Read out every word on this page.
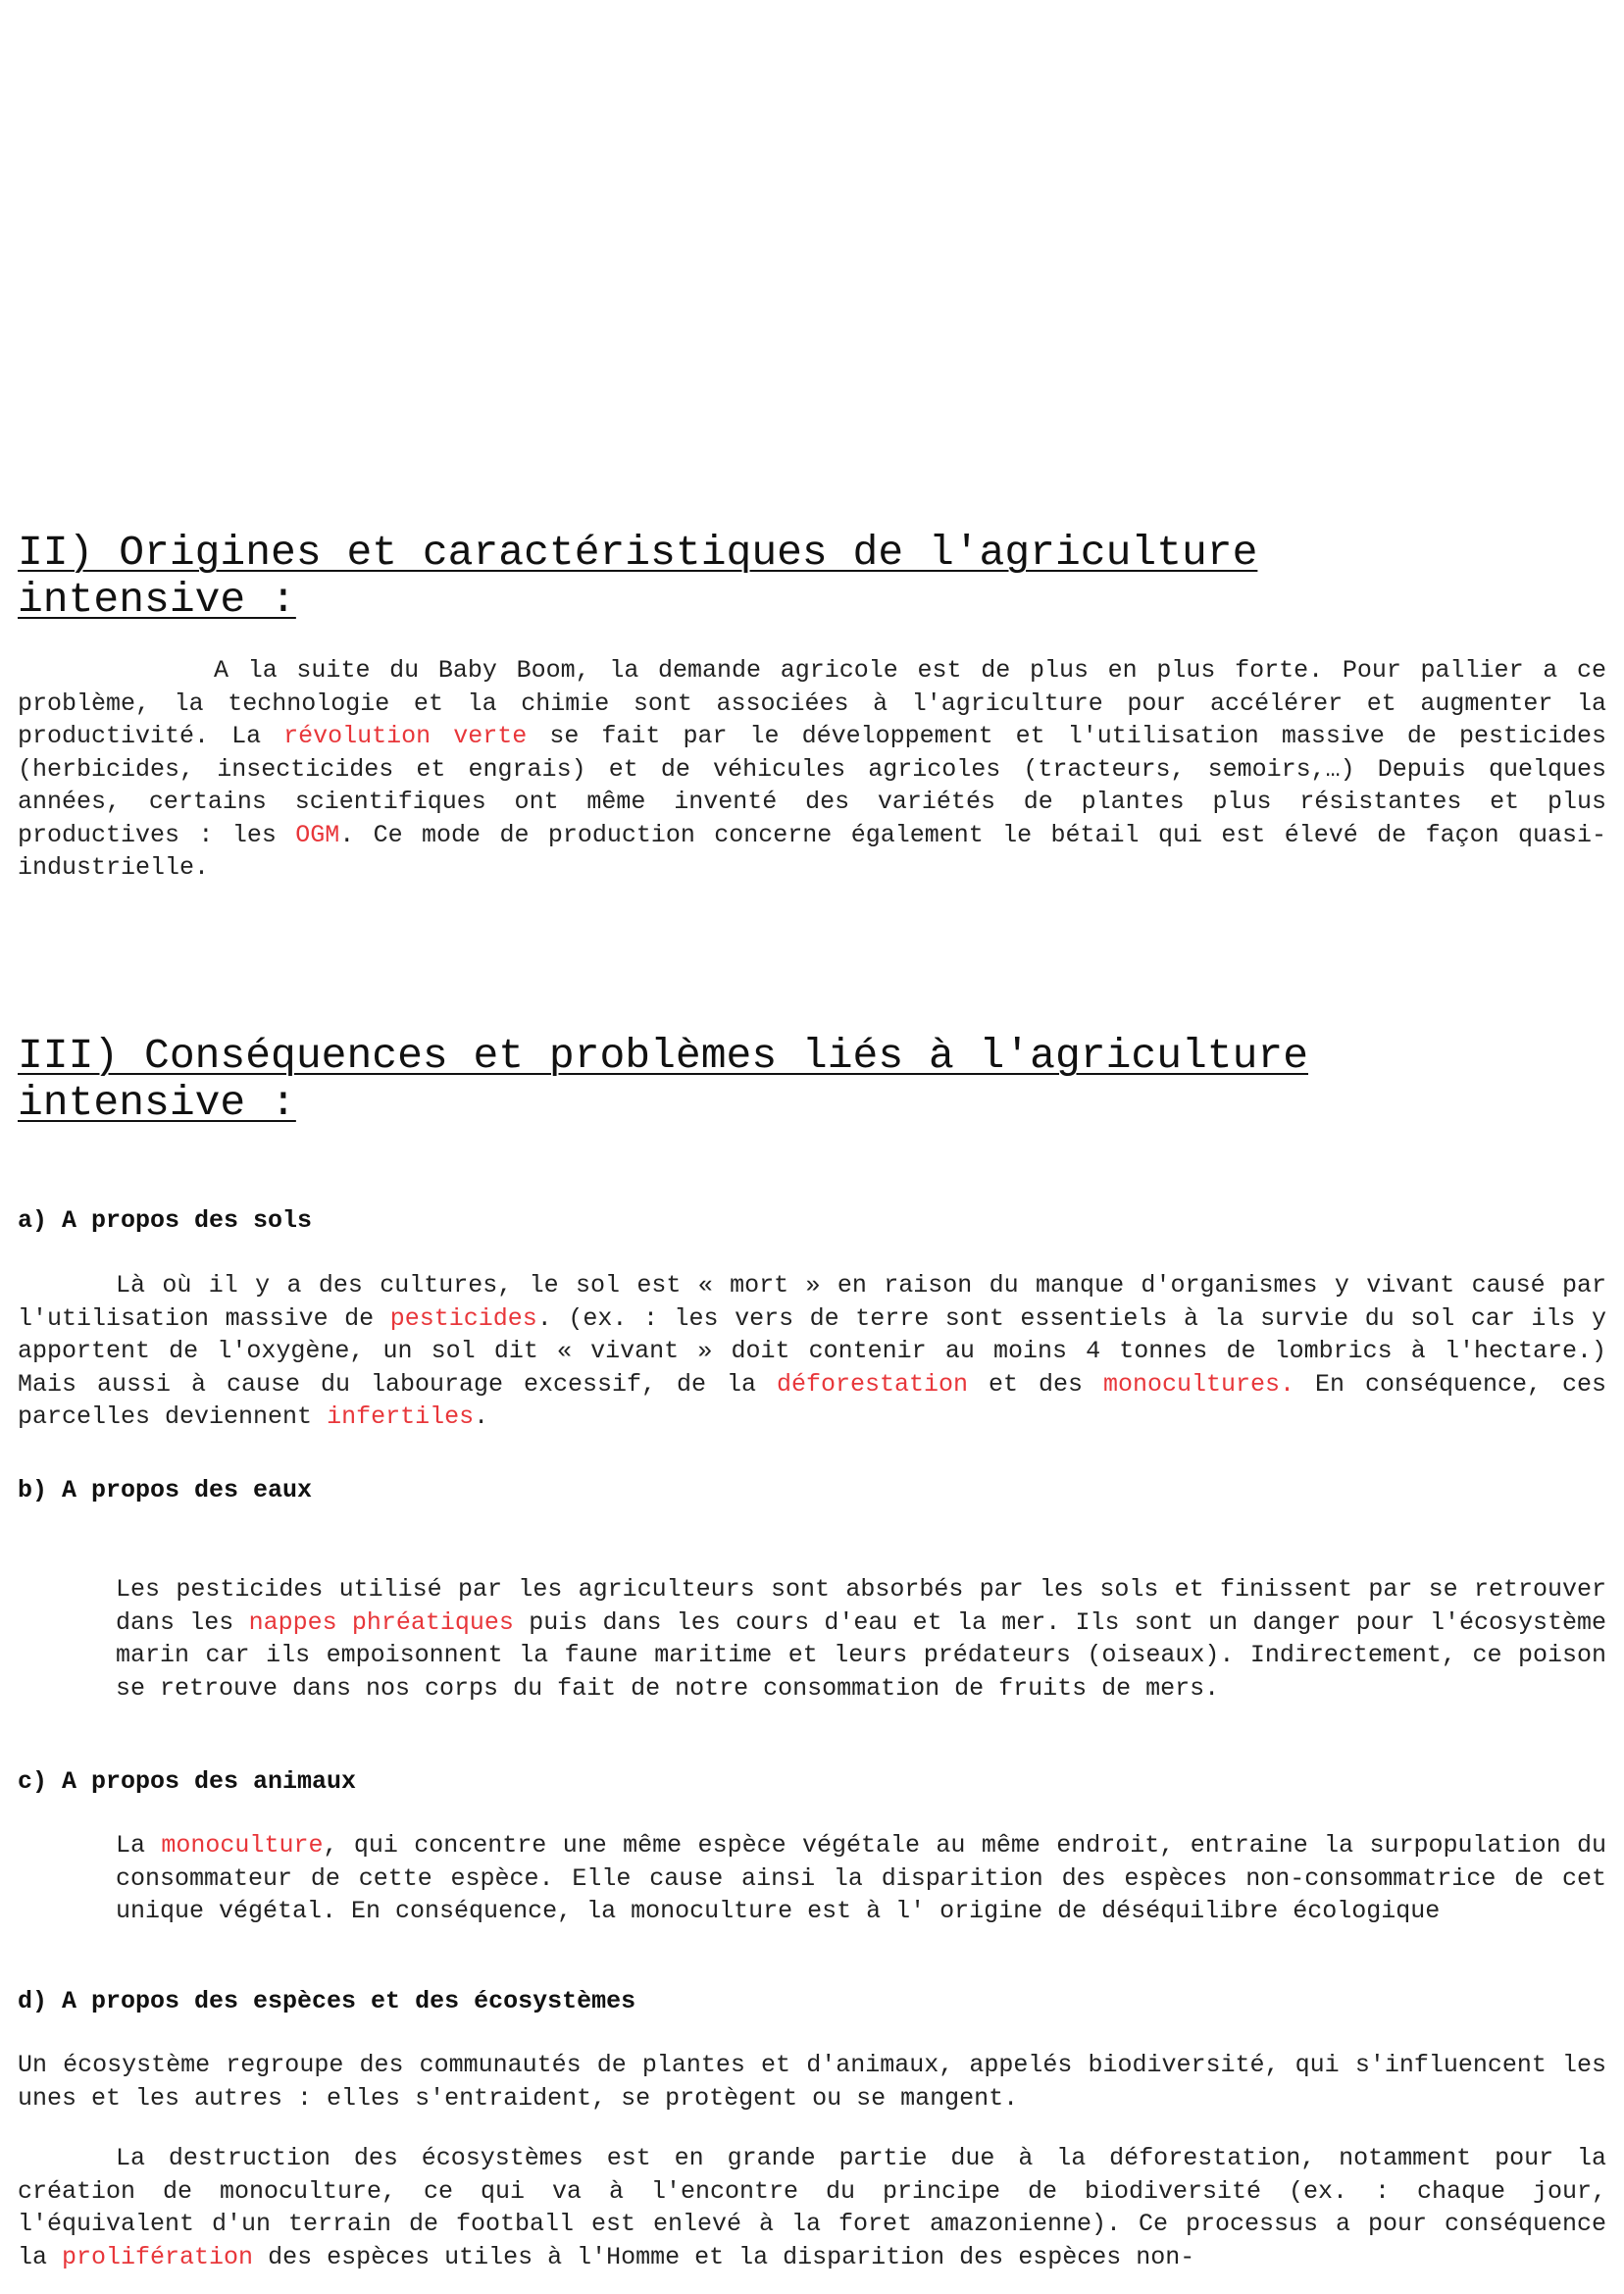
II) Origines et caractéristiques de l'agriculture intensive :

A la suite du Baby Boom, la demande agricole est de plus en plus forte. Pour pallier a ce problème, la technologie et la chimie sont associées à l'agriculture pour accélérer et augmenter la productivité. La révolution verte se fait par le développement et l'utilisation massive de pesticides (herbicides, insecticides et engrais) et de véhicules agricoles (tracteurs, semoirs,…) Depuis quelques années, certains scientifiques ont même inventé des variétés de plantes plus résistantes et plus productives : les OGM. Ce mode de production concerne également le bétail qui est élevé de façon quasi-industrielle.

III) Conséquences et problèmes liés à l'agriculture intensive :
a) A propos des sols

Là où il y a des cultures, le sol est « mort » en raison du manque d'organismes y vivant causé par l'utilisation massive de pesticides. (ex. : les vers de terre sont essentiels à la survie du sol car ils y apportent de l'oxygène, un sol dit « vivant » doit contenir au moins 4 tonnes de lombrics à l'hectare.) Mais aussi à cause du labourage excessif, de la déforestation et des monocultures. En conséquence, ces parcelles deviennent infertiles.

b) A propos des eaux

Les pesticides utilisé par les agriculteurs sont absorbés par les sols et finissent par se retrouver dans les nappes phréatiques puis dans les cours d'eau et la mer. Ils sont un danger pour l'écosystème marin car ils empoisonnent la faune maritime et leurs prédateurs (oiseaux). Indirectement, ce poison se retrouve dans nos corps du fait de notre consommation de fruits de mers.

c) A propos des animaux

La monoculture, qui concentre une même espèce végétale au même endroit, entraine la surpopulation du consommateur de cette espèce. Elle cause ainsi la disparition des espèces non-consommatrice de cet unique végétal. En conséquence, la monoculture est à l' origine de déséquilibre écologique

d) A propos des espèces et des écosystèmes

Un écosystème regroupe des communautés de plantes et d'animaux, appelés biodiversité, qui s'influencent les unes et les autres : elles s'entraident, se protègent ou se mangent.

La destruction des écosystèmes est en grande partie due à la déforestation, notamment pour la création de monoculture, ce qui va à l'encontre du principe de biodiversité (ex. : chaque jour, l'équivalent d'un terrain de football est enlevé à la foret amazonienne). Ce processus a pour conséquence la prolifération des espèces utiles à l'Homme et la disparition des espèces non-
